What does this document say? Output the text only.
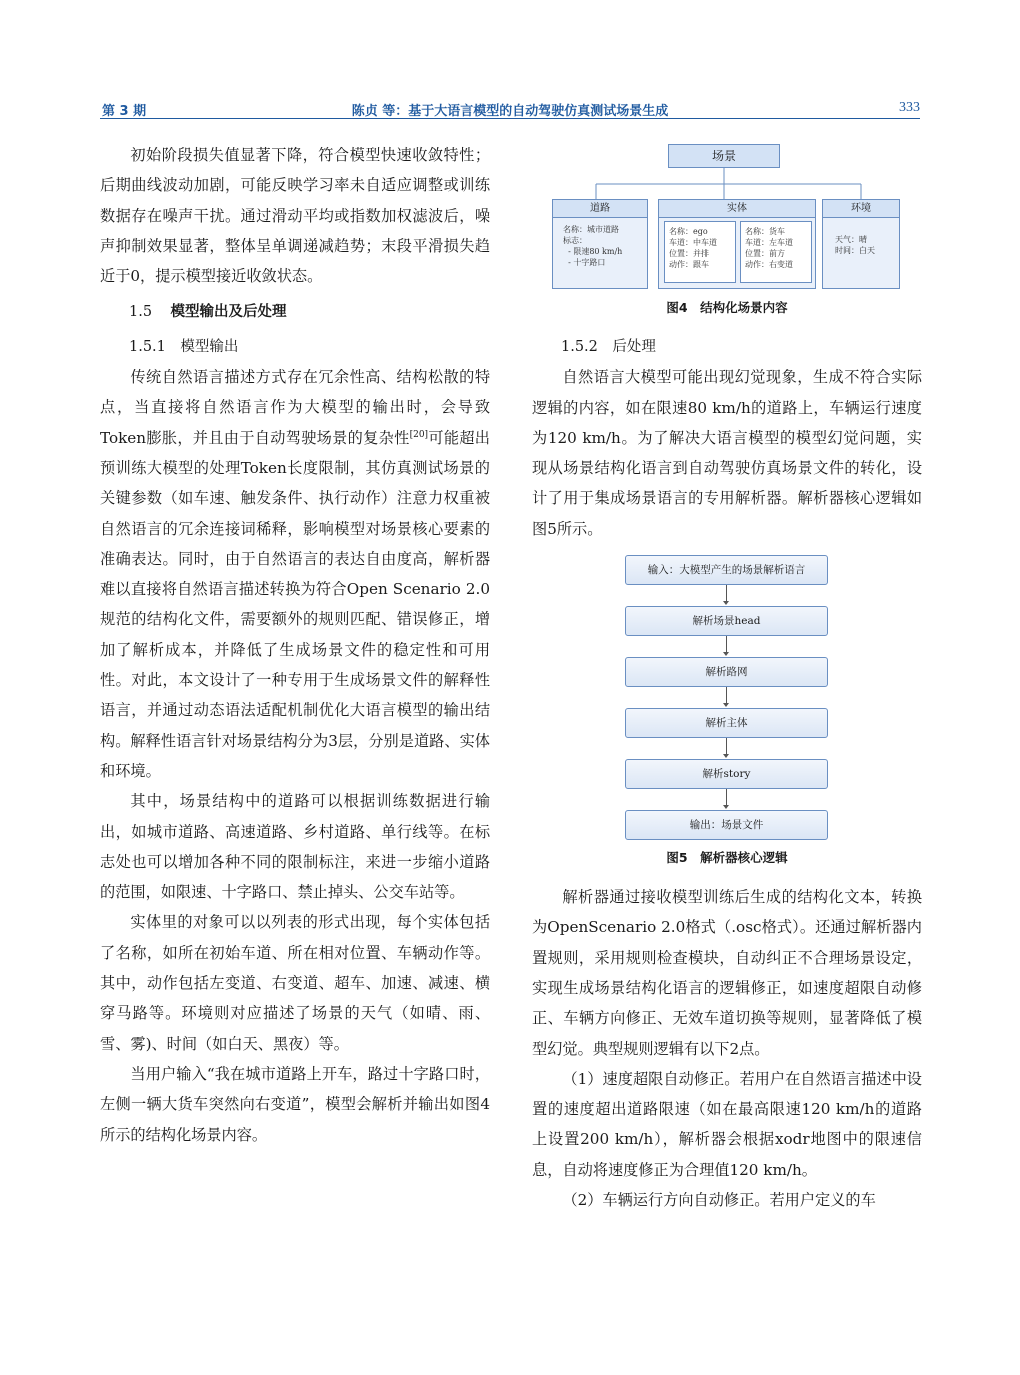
第 3 期	陈贞 等：基于大语言模型的自动驾驶仿真测试场景生成	333

初始阶段损失值显著下降，符合模型快速收敛特性；后期曲线波动加剧，可能反映学习率未自适应调整或训练数据存在噪声干扰。通过滑动平均或指数加权滤波后，噪声抑制效果显著，整体呈单调递减趋势；末段平滑损失趋近于0，提示模型接近收敛状态。

1.5 模型输出及后处理

1.5.1　模型输出

传统自然语言描述方式存在冗余性高、结构松散的特点，当直接将自然语言作为大模型的输出时，会导致Token膨胀，并且由于自动驾驶场景的复杂性[20]可能超出预训练大模型的处理Token长度限制，其仿真测试场景的关键参数（如车速、触发条件、执行动作）注意力权重被自然语言的冗余连接词稀释，影响模型对场景核心要素的准确表达。同时，由于自然语言的表达自由度高，解析器难以直接将自然语言描述转换为符合Open Scenario 2.0规范的结构化文件，需要额外的规则匹配、错误修正，增加了解析成本，并降低了生成场景文件的稳定性和可用性。对此，本文设计了一种专用于生成场景文件的解释性语言，并通过动态语法适配机制优化大语言模型的输出结构。解释性语言针对场景结构分为3层，分别是道路、实体和环境。

其中，场景结构中的道路可以根据训练数据进行输出，如城市道路、高速道路、乡村道路、单行线等。在标志处也可以增加各种不同的限制标注，来进一步缩小道路的范围，如限速、十字路口、禁止掉头、公交车站等。

实体里的对象可以以列表的形式出现，每个实体包括了名称，如所在初始车道、所在相对位置、车辆动作等。其中，动作包括左变道、右变道、超车、加速、减速、横穿马路等。环境则对应描述了场景的天气（如晴、雨、雪、雾)、时间（如白天、黑夜）等。

当用户输入“我在城市道路上开车，路过十字路口时，左侧一辆大货车突然向右变道”，模型会解析并输出如图4所示的结构化场景内容。

场景
道路
名称：城市道路
标志：
- 限速80 km/h
- 十字路口
实体
名称：ego
车道：中车道
位置：并排
动作：跟车
名称：货车
车道：左车道
位置：前方
动作：右变道
环境
天气：晴
时间：白天
图4　结构化场景内容

1.5.2　后处理

自然语言大模型可能出现幻觉现象，生成不符合实际逻辑的内容，如在限速80 km/h的道路上，车辆运行速度为120 km/h。为了解决大语言模型的模型幻觉问题，实现从场景结构化语言到自动驾驶仿真场景文件的转化，设计了用于集成场景语言的专用解析器。解析器核心逻辑如图5所示。

解析器通过接收模型训练后生成的结构化文本，转换为OpenScenario 2.0格式（.osc格式）。还通过解析器内置规则，采用规则检查模块，自动纠正不合理场景设定，实现生成场景结构化语言的逻辑修正，如速度超限自动修正、车辆方向修正、无效车道切换等规则，显著降低了模型幻觉。典型规则逻辑有以下2点。

（1）速度超限自动修正。若用户在自然语言描述中设置的速度超出道路限速（如在最高限速120 km/h的道路上设置200 km/h），解析器会根据xodr地图中的限速信息，自动将速度修正为合理值120 km/h。

（2）车辆运行方向自动修正。若用户定义的车

输入：大模型产生的场景解析语言
解析场景head
解析路网
解析主体
解析story
输出：场景文件
图5　解析器核心逻辑
